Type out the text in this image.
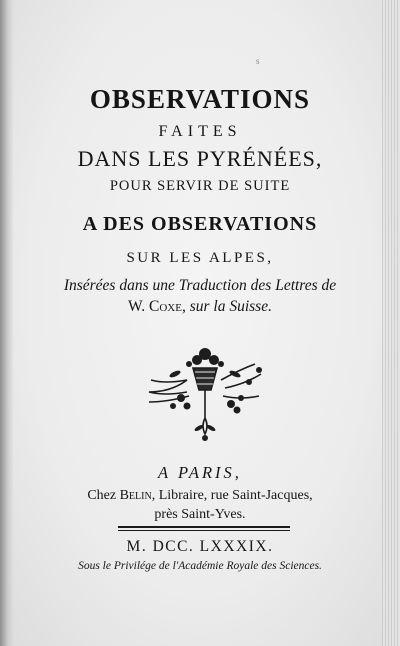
s
OBSERVATIONS
FAITES
DANS LES PYRÉNÉES,
POUR SERVIR DE SUITE
A DES OBSERVATIONS
SUR LES ALPES,
Insérées dans une Traduction des Lettres de
W. Coxe, sur la Suisse.
A PARIS,
Chez Belin, Libraire, rue Saint-Jacques,
près Saint-Yves.
M. DCC. LXXXIX.
Sous le Privilége de l'Académie Royale des Sciences.
